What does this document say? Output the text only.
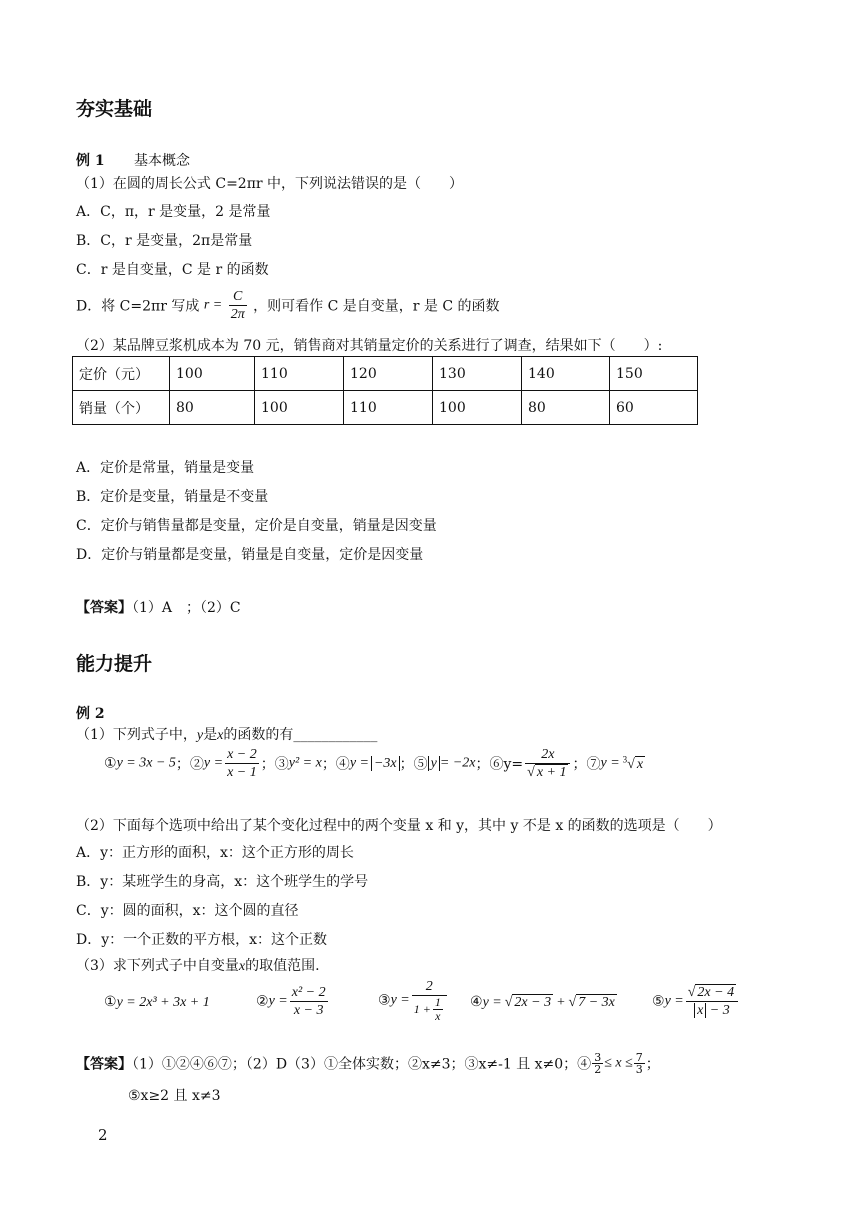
夯实基础
例 1 基本概念
（1）在圆的周长公式 C=2πr 中，下列说法错误的是（　　）
A．C，π，r 是变量，2 是常量
B．C，r 是变量，2π是常量
C．r 是自变量，C 是 r 的函数
D．将 C=2πr 写成 $r = \frac{C}{2\pi}$ ，则可看作 C 是自变量，r 是 C 的函数
（2）某品牌豆浆机成本为 70 元，销售商对其销量定价的关系进行了调查，结果如下（　　）:
定价（元）	100	110	120	130	140	150
销量（个）	80	100	110	100	80	60
A．定价是常量，销量是变量
B．定价是变量，销量是不变量
C．定价与销售量都是变量，定价是自变量，销量是因变量
D．定价与销量都是变量，销量是自变量，定价是因变量
【答案】（1）A　；（2）C
能力提升
例 2
（1）下列式子中，y是x的函数的有____________
①y = 3x − 5；②y = $\frac{x - 2}{x - 1}$ ；③y² = x；④y = −3x ；⑤ y = −2x；⑥y= $\frac{2x}{√ x + 1}$ ；⑦y = $^3$√ x
（2）下面每个选项中给出了某个变化过程中的两个变量 x 和 y，其中 y 不是 x 的函数的选项是（　　）
A．y：正方形的面积，x：这个正方形的周长
B．y：某班学生的身高，x：这个班学生的学号
C．y：圆的面积，x：这个圆的直径
D．y：一个正数的平方根，x：这个正数
（3）求下列式子中自变量x的取值范围.
①y = 2x³ + 3x + 1	②y = $\frac{\text{x² − 2}}{x - 3}$	③y = $\frac{2}{1 + \frac{1}{x}}$ ④y = √ 2x − 3 + √ 7 − 3x	⑤y = $\frac{√ 2x - 4}{x - 3}$
【答案】（1）①②④⑥⑦；（2）D（3）①全体实数；②x≠3；③x≠-1 且 x≠0；④ $\frac{3}{2} \le x \le \frac{7}{3}$ ；
⑤x≥2 且 x≠3
2
